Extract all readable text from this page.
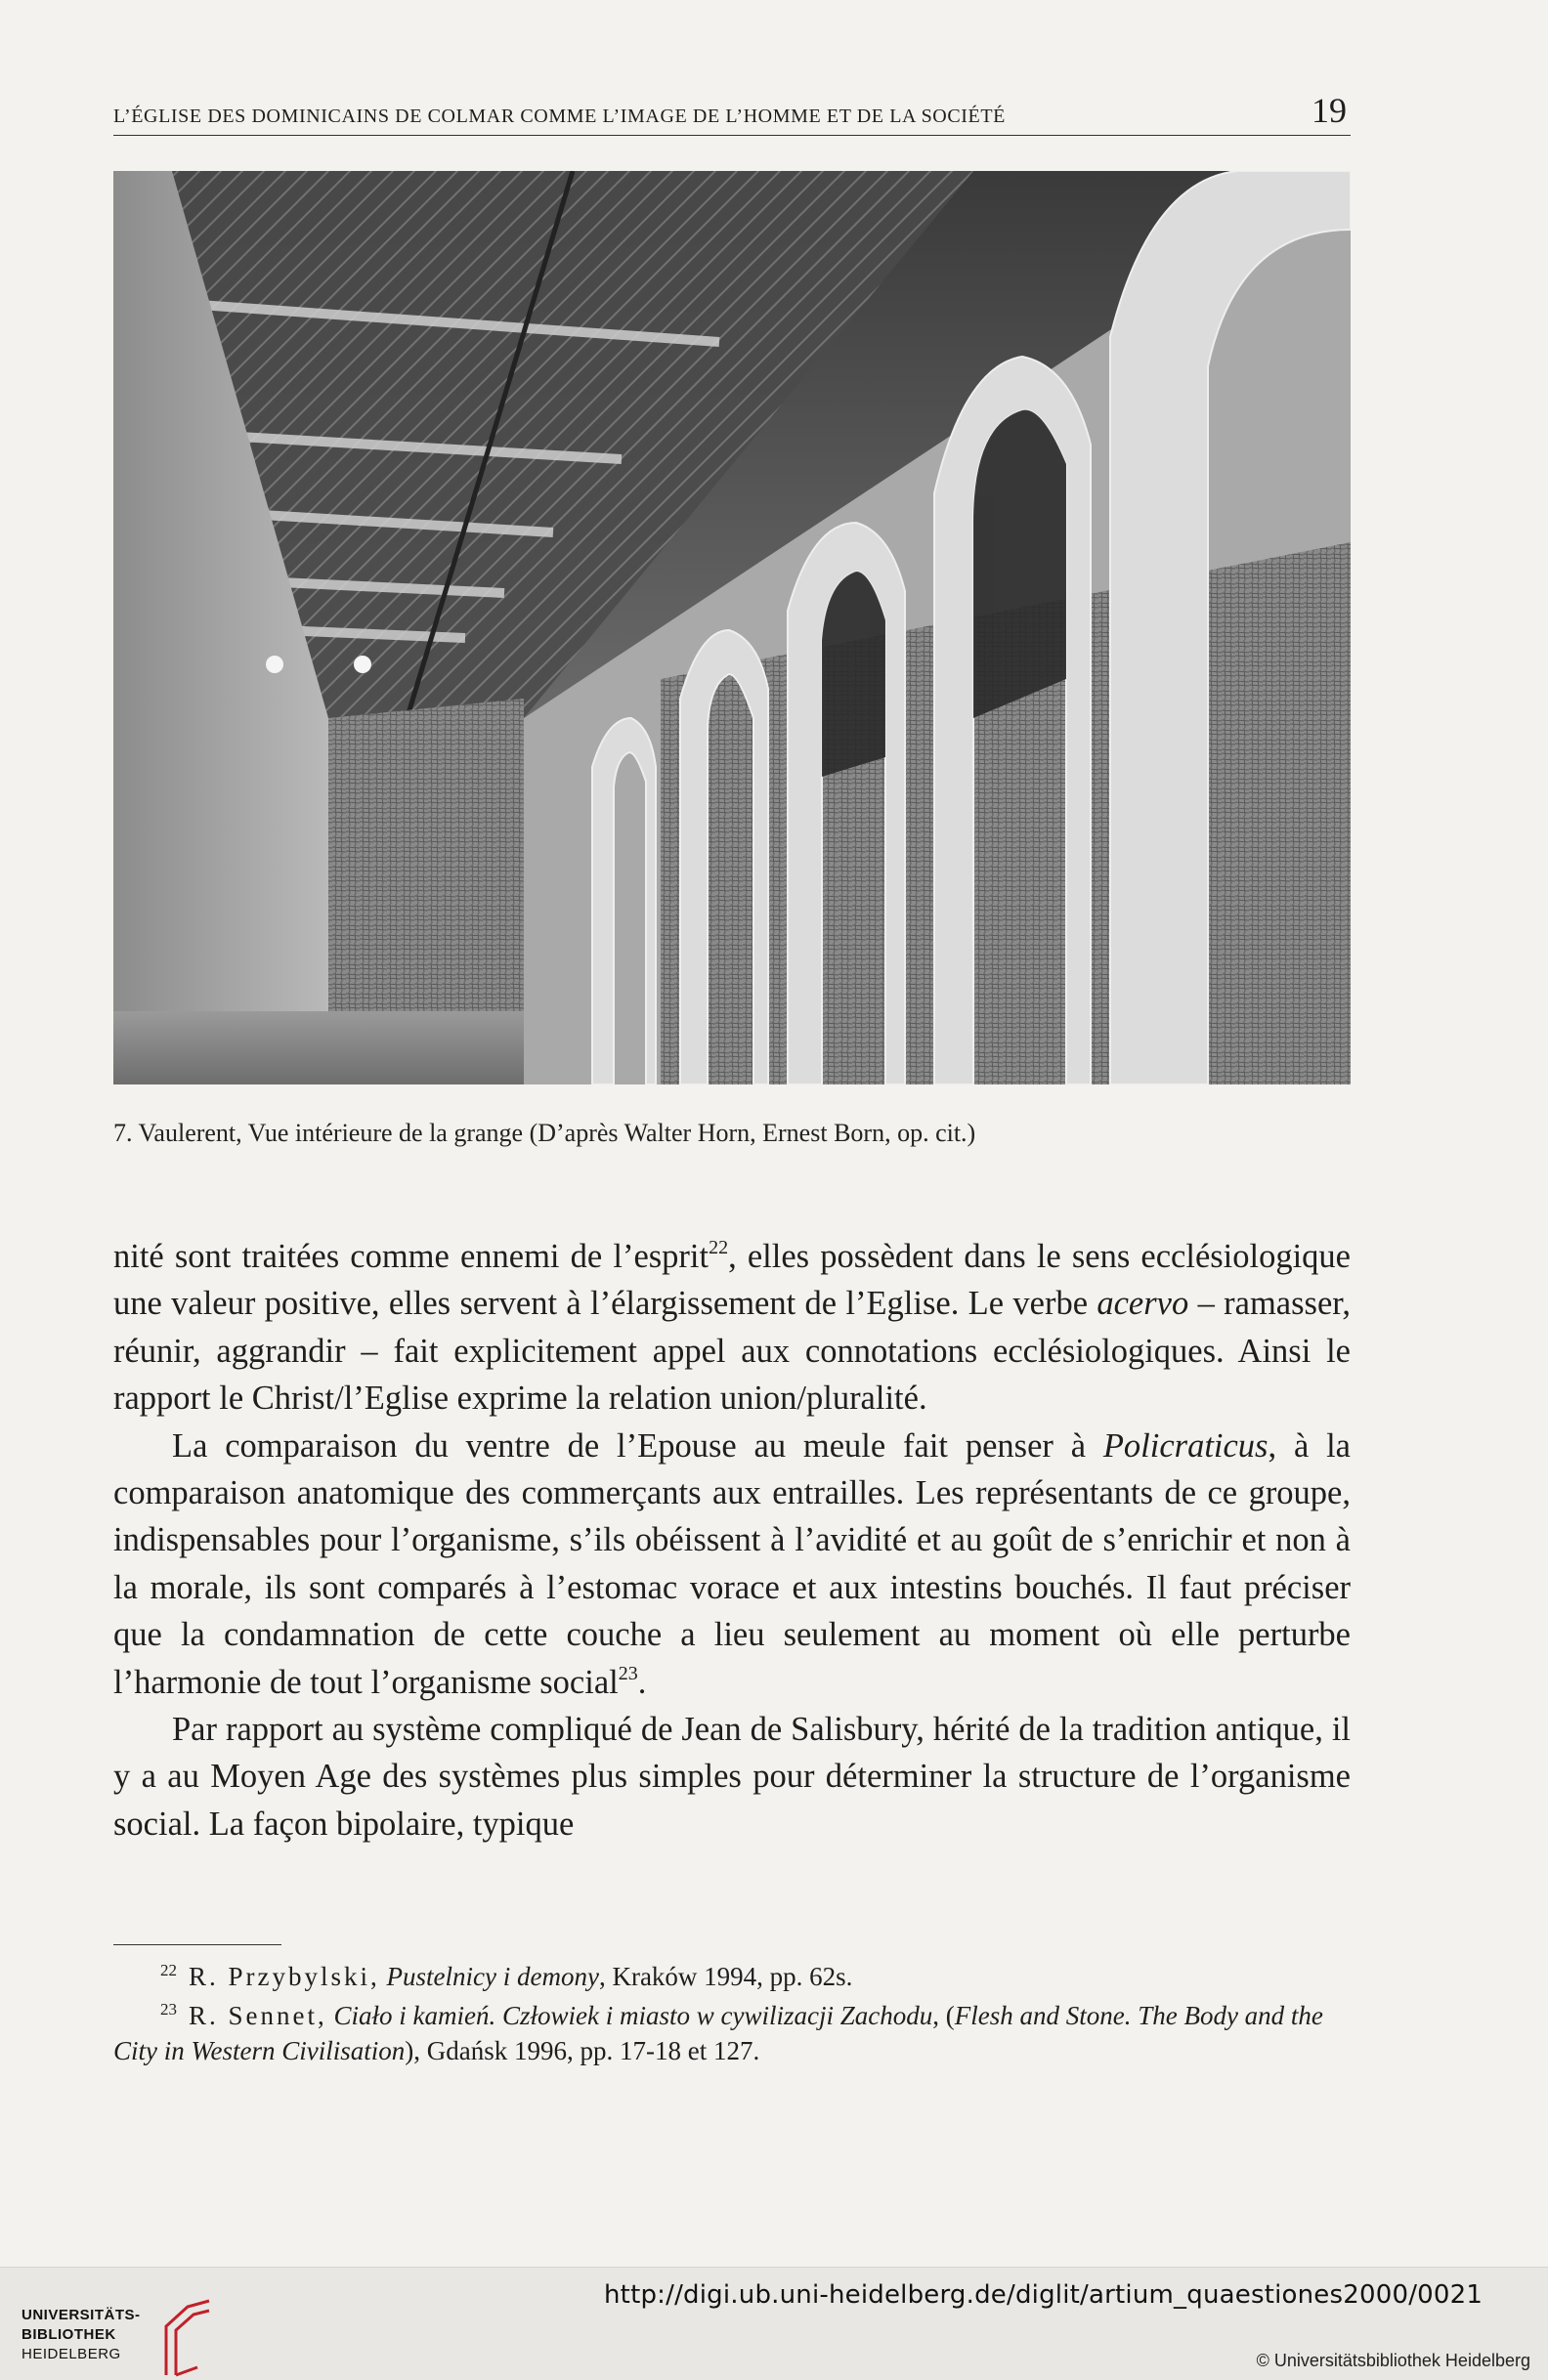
L’ÉGLISE DES DOMINICAINS DE COLMAR COMME L’IMAGE DE L’HOMME ET DE LA SOCIÉTÉ	19
7. Vaulerent, Vue intérieure de la grange (D’après Walter Horn, Ernest Born, op. cit.)

nité sont traitées comme ennemi de l’esprit$^{22}$, elles possèdent dans le sens ecclésiologique une valeur positive, elles servent à l’élargissement de l’Eglise. Le verbe acervo – ramasser, réunir, aggrandir – fait explicitement appel aux connotations ecclésiologiques. Ainsi le rapport le Christ/l’Eglise exprime la relation union/pluralité.

La comparaison du ventre de l’Epouse au meule fait penser à Policraticus, à la comparaison anatomique des commerçants aux entrailles. Les représentants de ce groupe, indispensables pour l’organisme, s’ils obéissent à l’avidité et au goût de s’enrichir et non à la morale, ils sont comparés à l’estomac vorace et aux intestins bouchés. Il faut préciser que la condamnation de cette couche a lieu seulement au moment où elle perturbe l’harmonie de tout l’organisme social$^{23}$.

Par rapport au système compliqué de Jean de Salisbury, hérité de la tradition antique, il y a au Moyen Age des systèmes plus simples pour déterminer la structure de l’organisme social. La façon bipolaire, typique

$^{22}$ R. Przybylski, Pustelnicy i demony, Kraków 1994, pp. 62s.

$^{23}$ R. Sennet, Ciało i kamień. Człowiek i miasto w cywilizacji Zachodu, (Flesh and Stone. The Body and the City in Western Civilisation), Gdańsk 1996, pp. 17-18 et 127.

UNIVERSITÄTS-
BIBLIOTHEK
HEIDELBERG
http://digi.ub.uni-heidelberg.de/diglit/artium_quaestiones2000/0021
© Universitätsbibliothek Heidelberg
